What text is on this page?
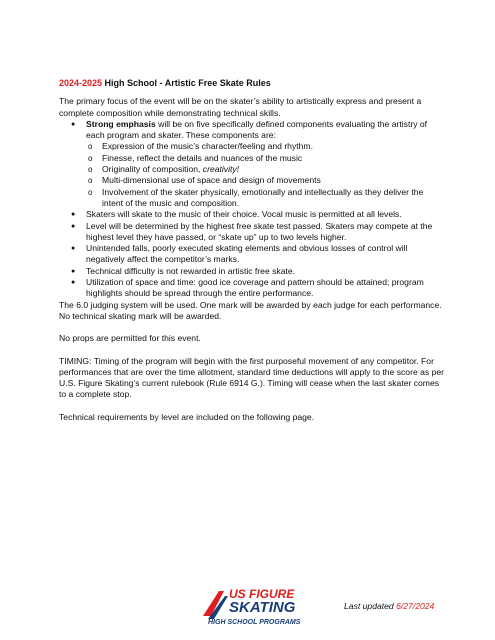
2024-2025 High School - Artistic Free Skate Rules

The primary focus of the event will be on the skater’s ability to artistically express and present a complete composition while demonstrating technical skills.

● Strong emphasis will be on five specifically defined components evaluating the artistry of each program and skater. These components are:
o Expression of the music’s character/feeling and rhythm.
o Finesse, reflect the details and nuances of the music
o Originality of composition, creativity!
o Multi-dimensional use of space and design of movements
o Involvement of the skater physically, emotionally and intellectually as they deliver the intent of the music and composition.
● Skaters will skate to the music of their choice. Vocal music is permitted at all levels.
● Level will be determined by the highest free skate test passed. Skaters may compete at the highest level they have passed, or “skate up” up to two levels higher.
● Unintended falls, poorly executed skating elements and obvious losses of control will negatively affect the competitor’s marks.
● Technical difficulty is not rewarded in artistic free skate.
● Utilization of space and time: good ice coverage and pattern should be attained; program highlights should be spread through the entire performance.

The 6.0 judging system will be used. One mark will be awarded by each judge for each performance. No technical skating mark will be awarded.

No props are permitted for this event.

TIMING: Timing of the program will begin with the first purposeful movement of any competitor. For performances that are over the time allotment, standard time deductions will apply to the score as per U.S. Figure Skating’s current rulebook (Rule 6914 G.). Timing will cease when the last skater comes to a complete stop.

Technical requirements by level are included on the following page.

US FIGURE
SKATING
HIGH SCHOOL PROGRAMS
Last updated 6/27/2024
